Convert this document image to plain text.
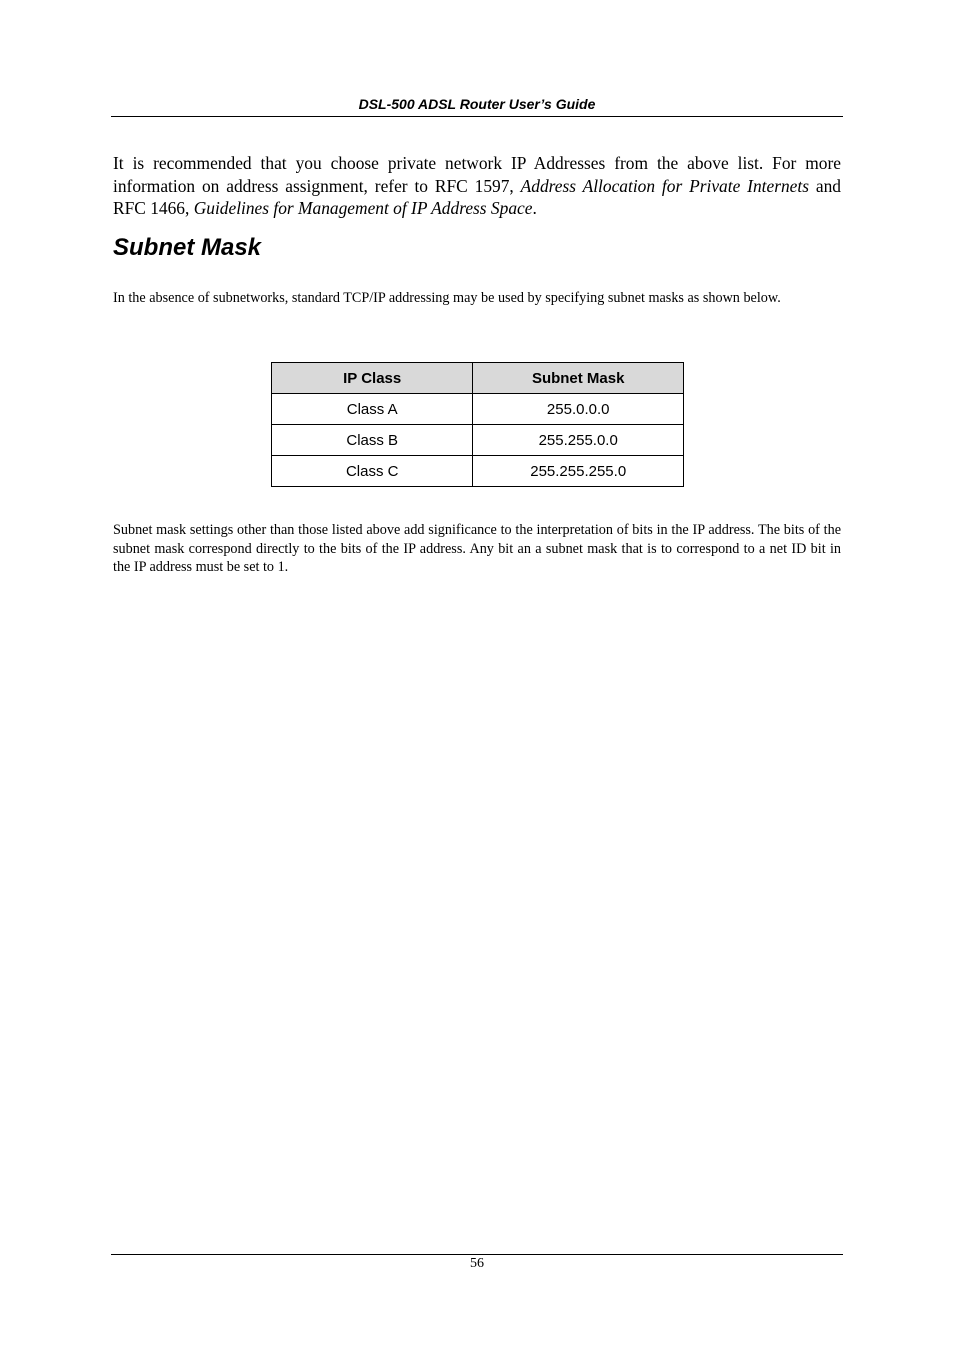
DSL-500 ADSL Router User’s Guide

It is recommended that you choose private network IP Addresses from the above list. For more information on address assignment, refer to RFC 1597, Address Allocation for Private Internets and RFC 1466, Guidelines for Management of IP Address Space.

Subnet Mask

In the absence of subnetworks, standard TCP/IP addressing may be used by specifying subnet masks as shown below.

IP Class	Subnet Mask
Class A	255.0.0.0
Class B	255.255.0.0
Class C	255.255.255.0

Subnet mask settings other than those listed above add significance to the interpretation of bits in the IP address. The bits of the subnet mask correspond directly to the bits of the IP address. Any bit an a subnet mask that is to correspond to a net ID bit in the IP address must be set to 1.

56
